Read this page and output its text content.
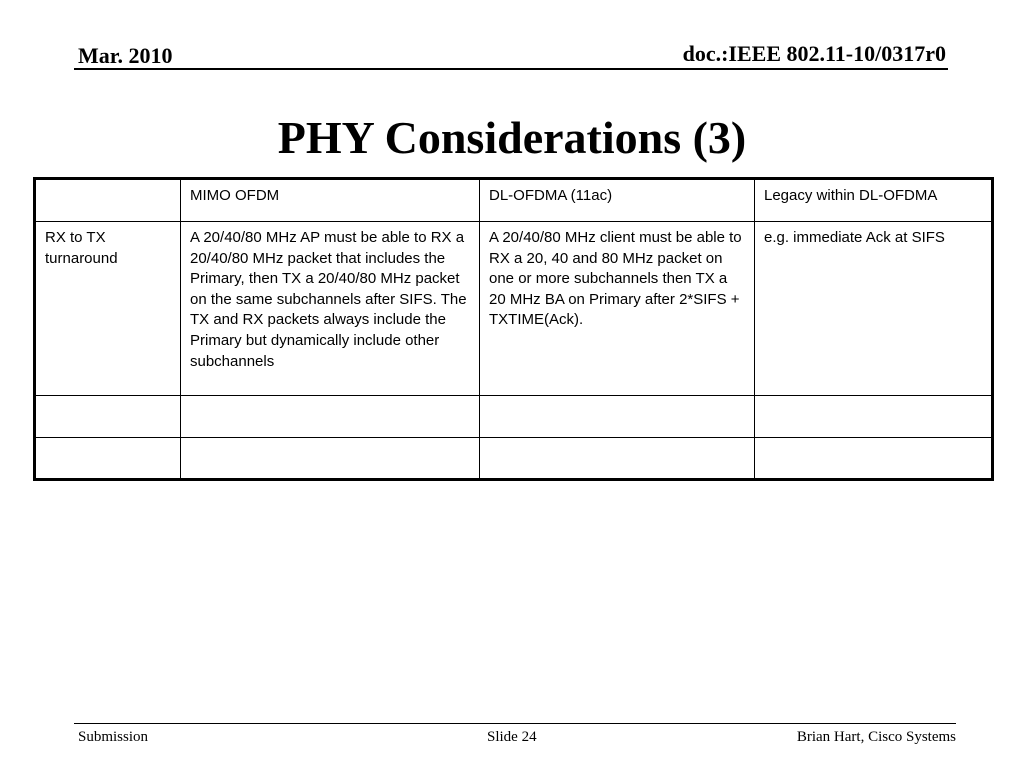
Mar. 2010	doc.:IEEE 802.11-10/0317r0
PHY Considerations (3)
	MIMO OFDM	DL-OFDMA (11ac)	Legacy within DL-OFDMA
RX to TX turnaround	A 20/40/80 MHz AP must be able to RX a 20/40/80 MHz packet that includes the Primary, then TX a 20/40/80 MHz packet on the same subchannels after SIFS. The TX and RX packets always include the Primary but dynamically include other subchannels	A 20/40/80 MHz client must be able to RX a 20, 40 and 80 MHz packet on one or more subchannels then TX a 20 MHz BA on Primary after 2*SIFS + TXTIME(Ack).	e.g. immediate Ack at SIFS

Submission	Slide 24	Brian Hart, Cisco Systems
